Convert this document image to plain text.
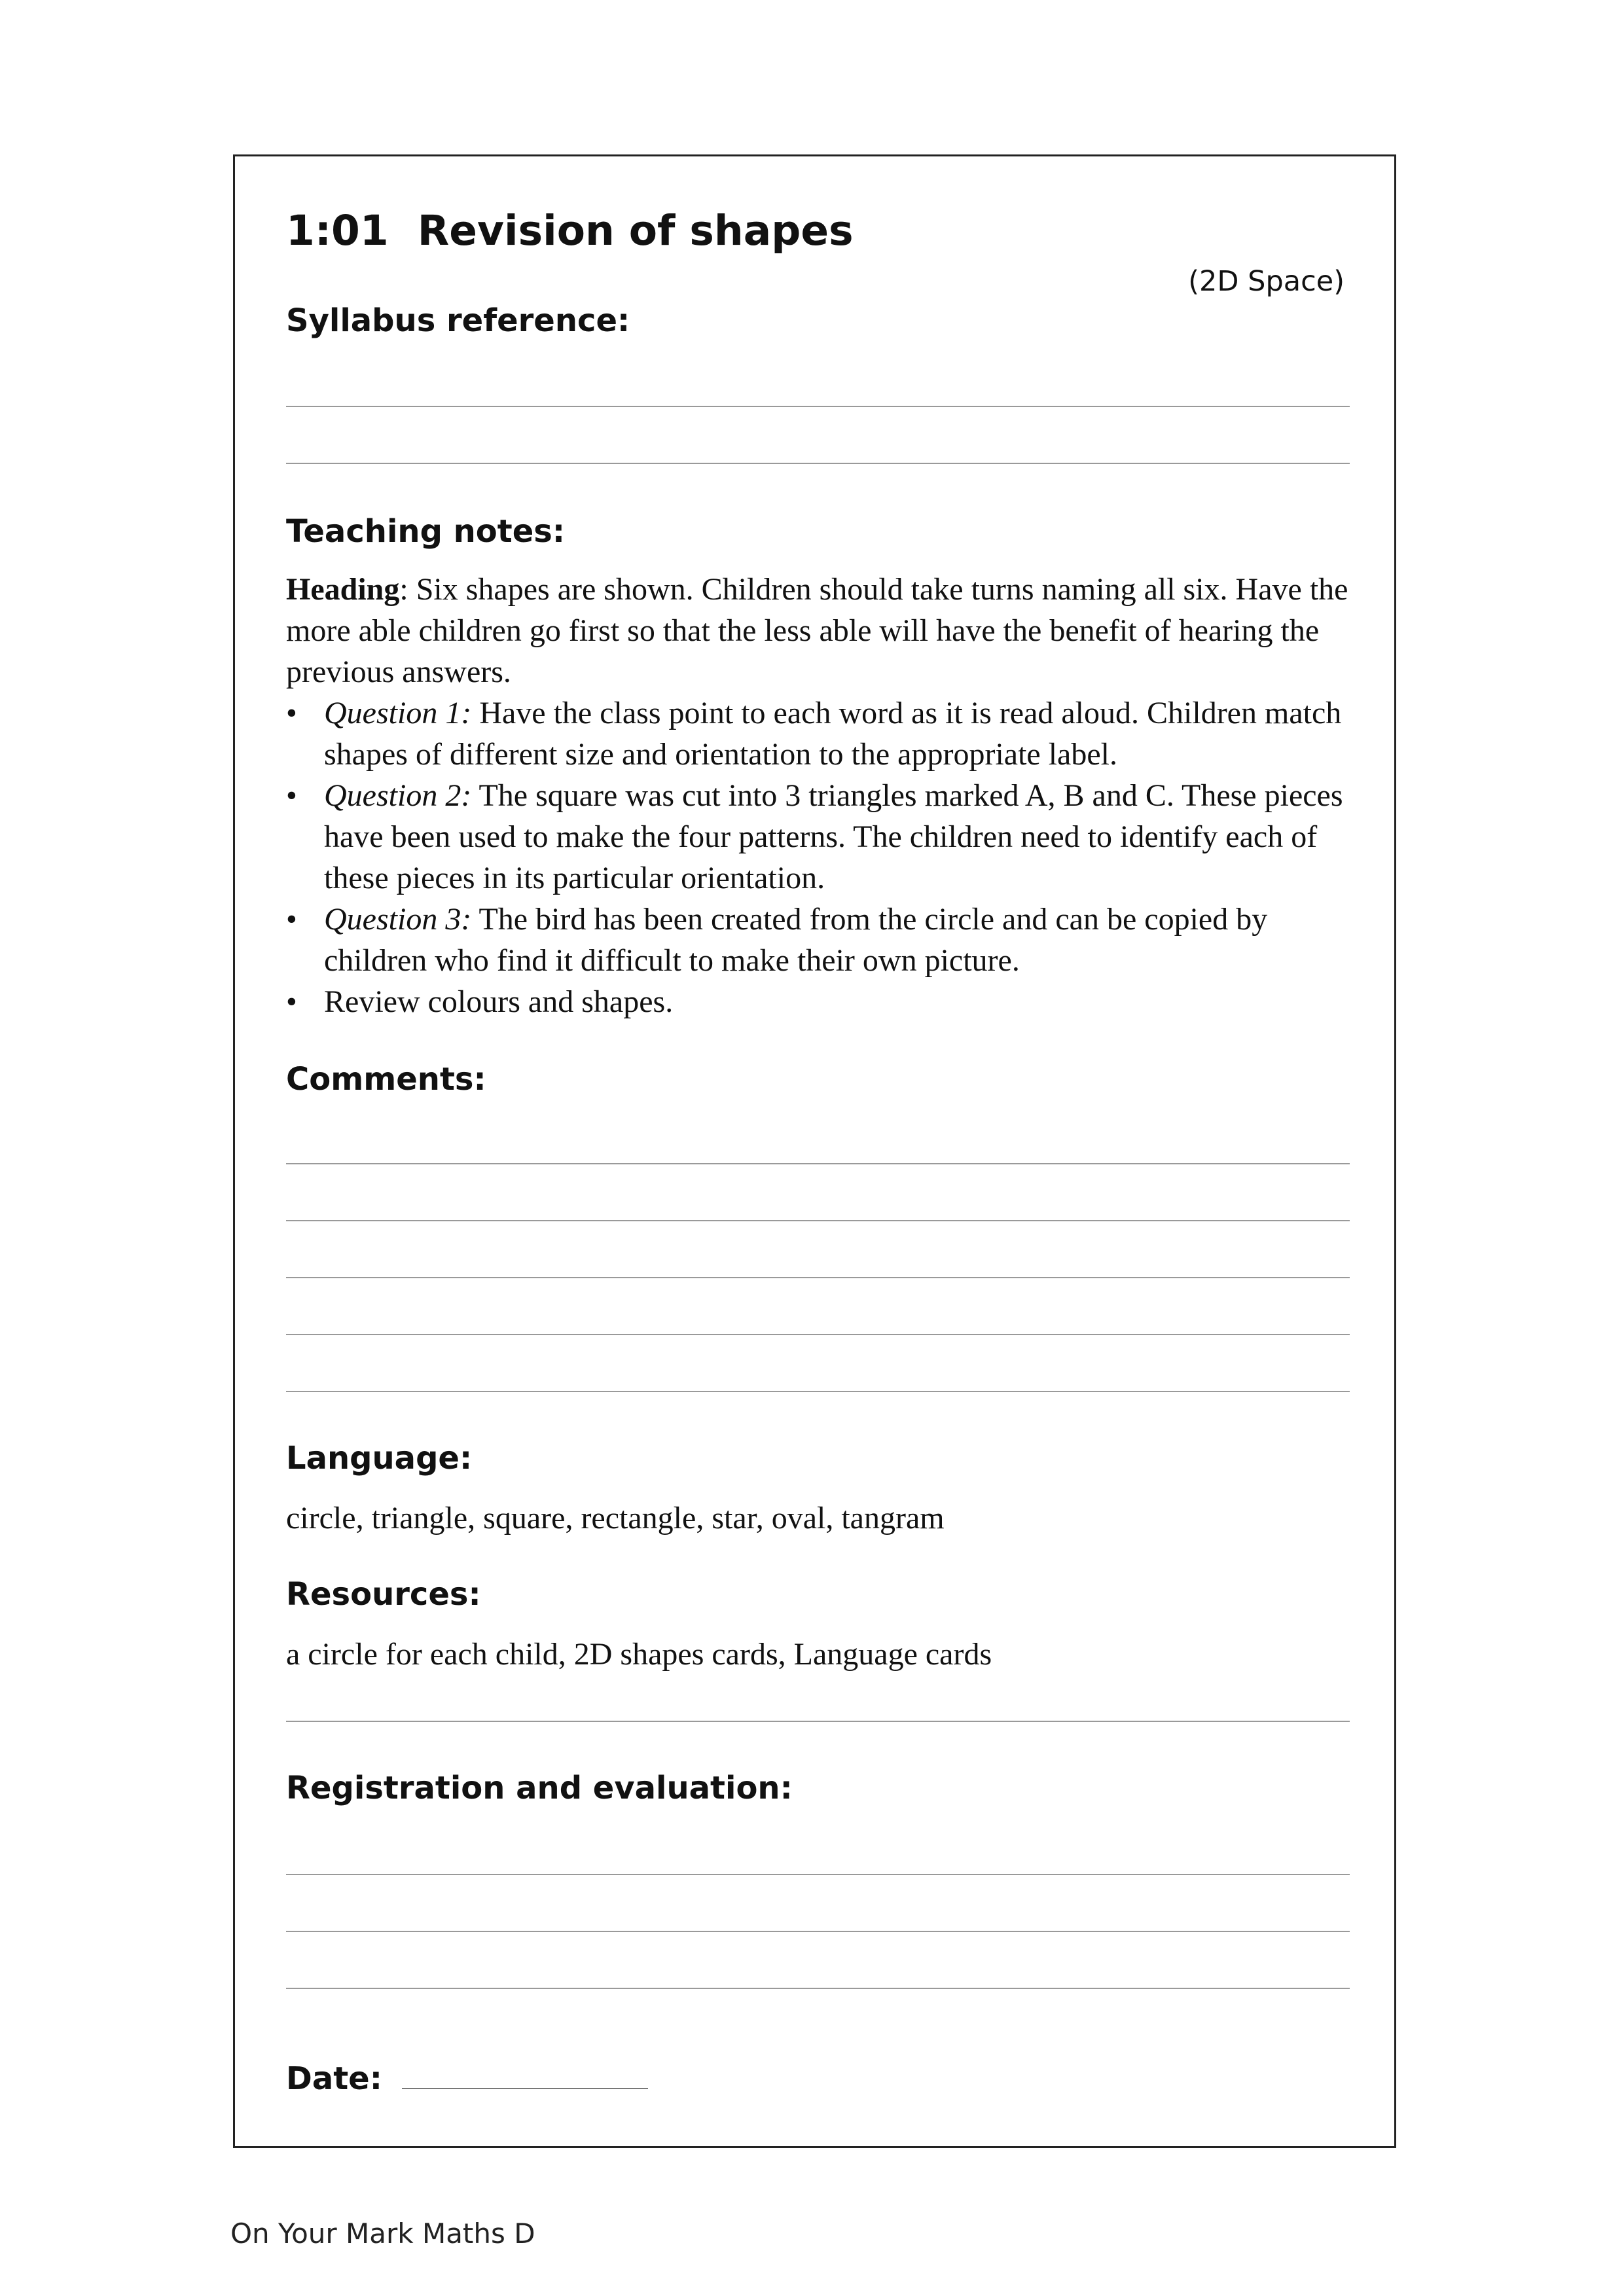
1:01 Revision of shapes
(2D Space)
Syllabus reference:
Teaching notes:

Heading: Six shapes are shown. Children should take turns naming all six. Have the more able children go first so that the less able will have the benefit of hearing the previous answers.

• Question 1: Have the class point to each word as it is read aloud. Children match shapes of different size and orientation to the appropriate label.
• Question 2: The square was cut into 3 triangles marked A, B and C. These pieces have been used to make the four patterns. The children need to identify each of these pieces in its particular orientation.
• Question 3: The bird has been created from the circle and can be copied by children who find it difficult to make their own picture.
• Review colours and shapes.
Comments:
Language:
circle, triangle, square, rectangle, star, oval, tangram
Resources:
a circle for each child, 2D shapes cards, Language cards
Registration and evaluation:
Date:
On Your Mark Maths D
